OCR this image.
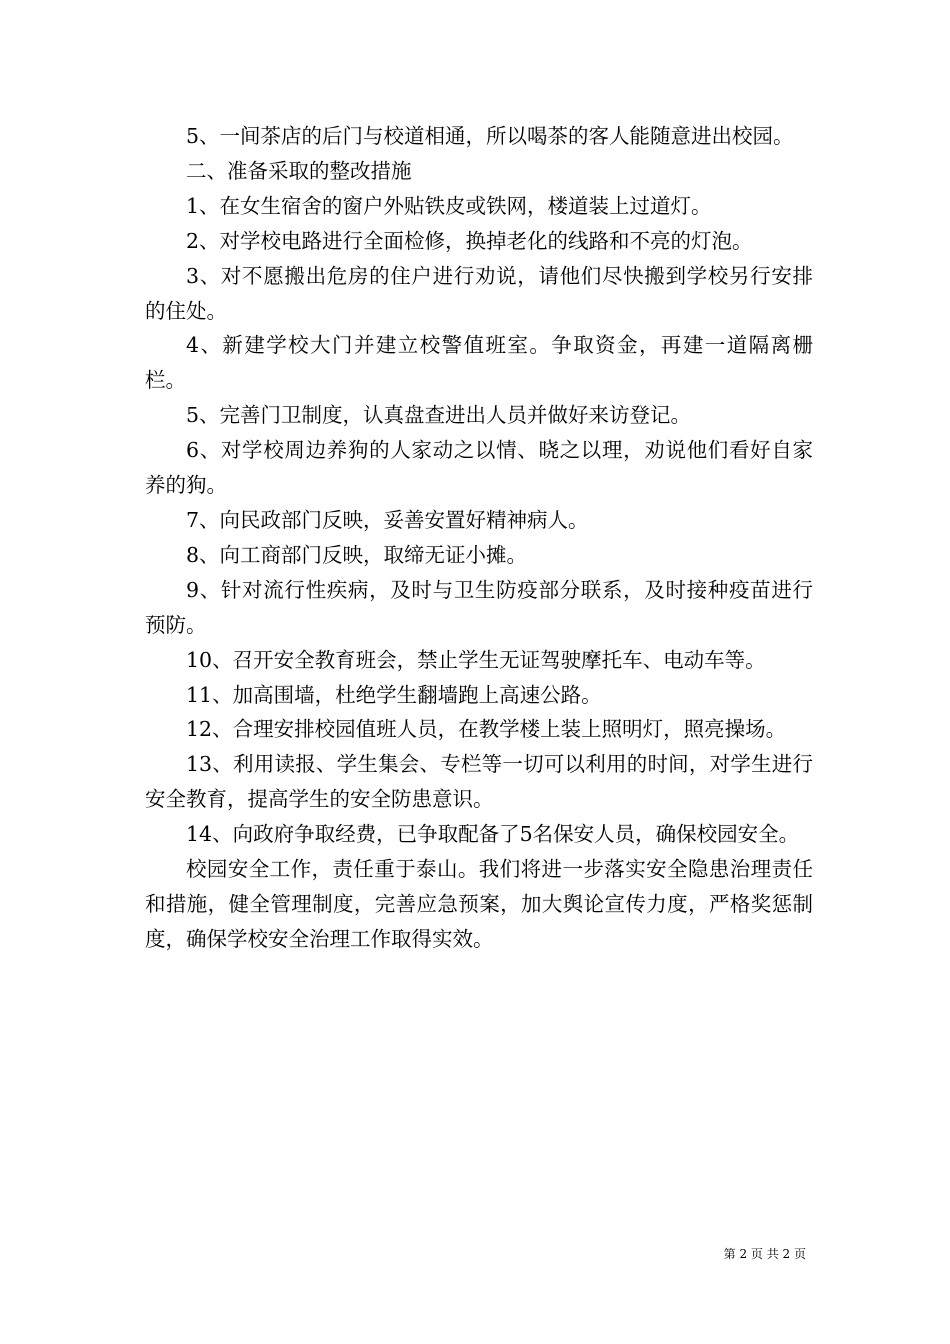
5、一间茶店的后门与校道相通，所以喝茶的客人能随意进出校园。

二、准备采取的整改措施

1、在女生宿舍的窗户外贴铁皮或铁网，楼道装上过道灯。

2、对学校电路进行全面检修，换掉老化的线路和不亮的灯泡。

3、对不愿搬出危房的住户进行劝说，请他们尽快搬到学校另行安排的住处。

4、新建学校大门并建立校警值班室。争取资金，再建一道隔离栅栏。

5、完善门卫制度，认真盘查进出人员并做好来访登记。

6、对学校周边养狗的人家动之以情、晓之以理，劝说他们看好自家养的狗。

7、向民政部门反映，妥善安置好精神病人。

8、向工商部门反映，取缔无证小摊。

9、针对流行性疾病，及时与卫生防疫部分联系，及时接种疫苗进行预防。

10、召开安全教育班会，禁止学生无证驾驶摩托车、电动车等。

11、加高围墙，杜绝学生翻墙跑上高速公路。

12、合理安排校园值班人员，在教学楼上装上照明灯，照亮操场。

13、利用读报、学生集会、专栏等一切可以利用的时间，对学生进行安全教育，提高学生的安全防患意识。

14、向政府争取经费，已争取配备了5名保安人员，确保校园安全。

校园安全工作，责任重于泰山。我们将进一步落实安全隐患治理责任和措施，健全管理制度，完善应急预案，加大舆论宣传力度，严格奖惩制度，确保学校安全治理工作取得实效。

第 2 页 共 2 页
